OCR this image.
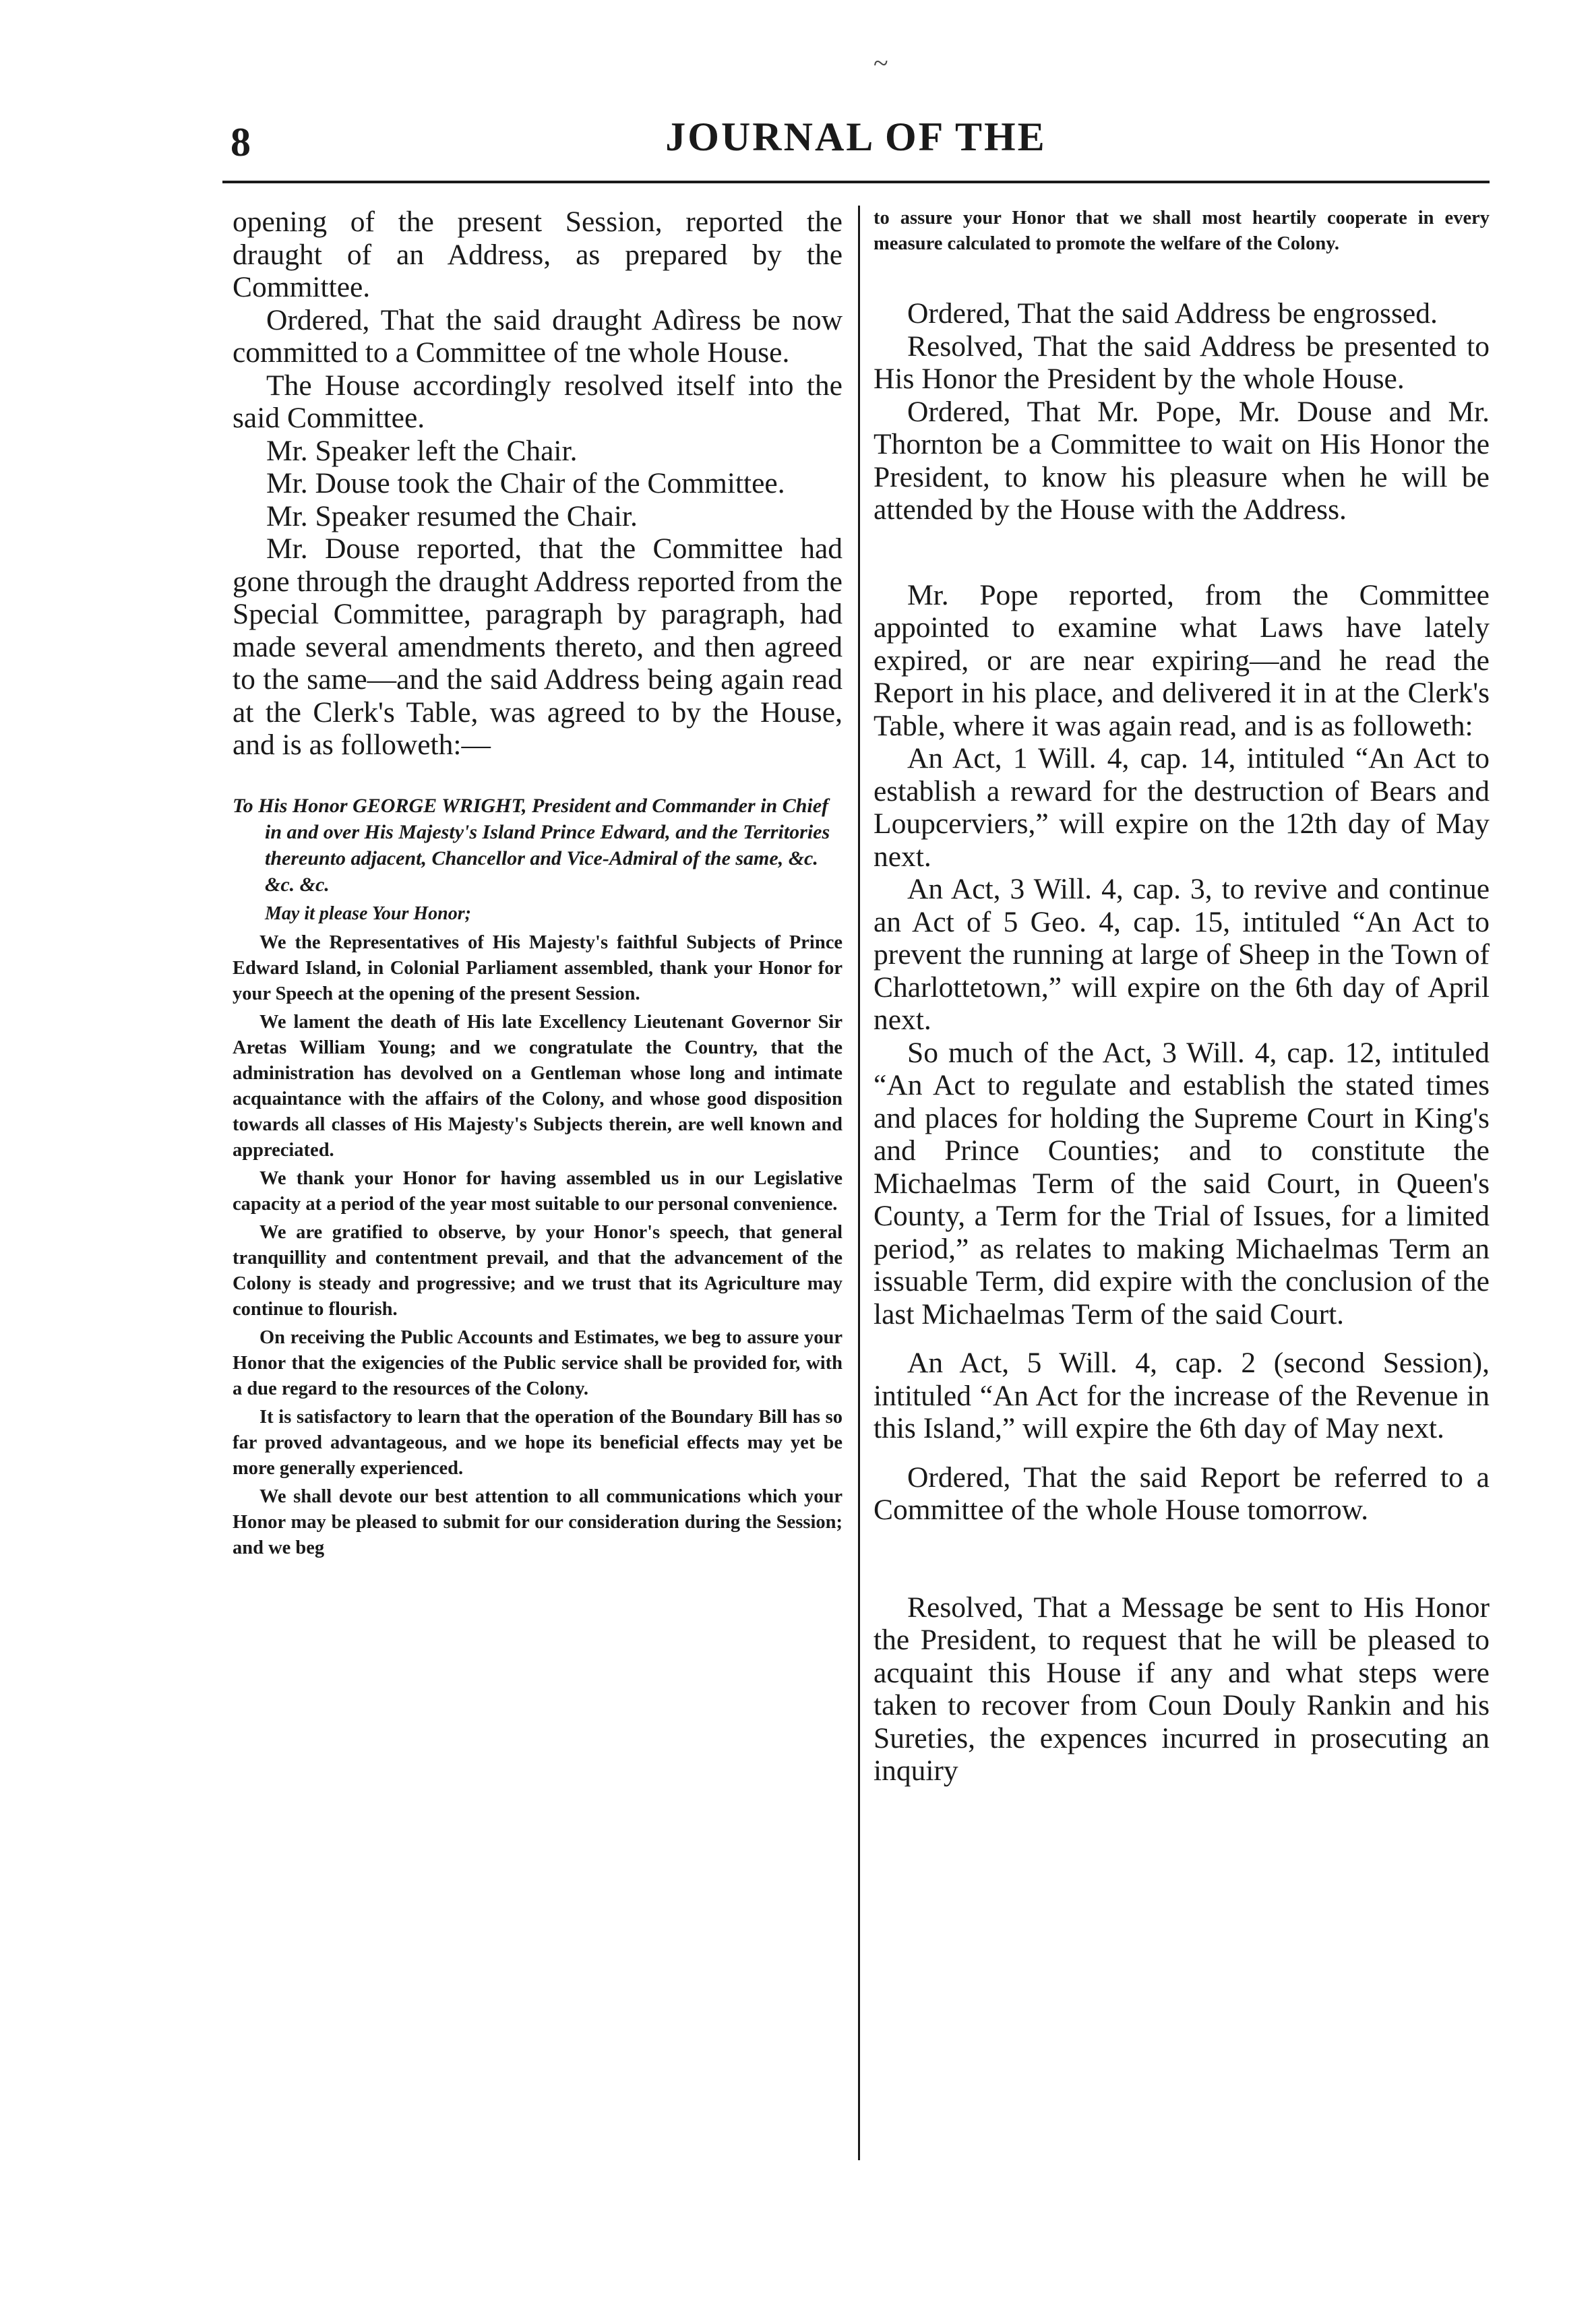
~
8	JOURNAL OF THE

opening of the present Session, reported the draught of an Address, as prepared by the Committee.

Ordered, That the said draught Adìress be now committed to a Committee of tne whole House.

The House accordingly resolved itself into the said Committee.

Mr. Speaker left the Chair.

Mr. Douse took the Chair of the Committee.

Mr. Speaker resumed the Chair.

Mr. Douse reported, that the Committee had gone through the draught Address reported from the Special Committee, paragraph by paragraph, had made several amendments thereto, and then agreed to the same—and the said Address being again read at the Clerk's Table, was agreed to by the House, and is as followeth:—

To His Honor GEORGE WRIGHT, President and Commander in Chief in and over His Majesty's Island Prince Edward, and the Territories thereunto adjacent, Chancellor and Vice-Admiral of the same, &c. &c. &c.

May it please Your Honor;

We the Representatives of His Majesty's faithful Subjects of Prince Edward Island, in Colonial Parliament assembled, thank your Honor for your Speech at the opening of the present Session.

We lament the death of His late Excellency Lieutenant Governor Sir Aretas William Young; and we congratulate the Country, that the administration has devolved on a Gentleman whose long and intimate acquaintance with the affairs of the Colony, and whose good disposition towards all classes of His Majesty's Subjects therein, are well known and appreciated.

We thank your Honor for having assembled us in our Legislative capacity at a period of the year most suitable to our personal convenience.

We are gratified to observe, by your Honor's speech, that general tranquillity and contentment prevail, and that the advancement of the Colony is steady and progressive; and we trust that its Agriculture may continue to flourish.

On receiving the Public Accounts and Estimates, we beg to assure your Honor that the exigencies of the Public service shall be provided for, with a due regard to the resources of the Colony.

It is satisfactory to learn that the operation of the Boundary Bill has so far proved advantageous, and we hope its beneficial effects may yet be more generally experienced.

We shall devote our best attention to all communications which your Honor may be pleased to submit for our consideration during the Session; and we beg

to assure your Honor that we shall most heartily cooperate in every measure calculated to promote the welfare of the Colony.

Ordered, That the said Address be engrossed.

Resolved, That the said Address be presented to His Honor the President by the whole House.

Ordered, That Mr. Pope, Mr. Douse and Mr. Thornton be a Committee to wait on His Honor the President, to know his pleasure when he will be attended by the House with the Address.

Mr. Pope reported, from the Committee appointed to examine what Laws have lately expired, or are near expiring—and he read the Report in his place, and delivered it in at the Clerk's Table, where it was again read, and is as followeth:

An Act, 1 Will. 4, cap. 14, intituled “An Act to establish a reward for the destruction of Bears and Loupcerviers,” will expire on the 12th day of May next.

An Act, 3 Will. 4, cap. 3, to revive and continue an Act of 5 Geo. 4, cap. 15, intituled “An Act to prevent the running at large of Sheep in the Town of Charlottetown,” will expire on the 6th day of April next.

So much of the Act, 3 Will. 4, cap. 12, intituled “An Act to regulate and establish the stated times and places for holding the Supreme Court in King's and Prince Counties; and to constitute the Michaelmas Term of the said Court, in Queen's County, a Term for the Trial of Issues, for a limited period,” as relates to making Michaelmas Term an issuable Term, did expire with the conclusion of the last Michaelmas Term of the said Court.

An Act, 5 Will. 4, cap. 2 (second Session), intituled “An Act for the increase of the Revenue in this Island,” will expire the 6th day of May next.

Ordered, That the said Report be referred to a Committee of the whole House tomorrow.

Resolved, That a Message be sent to His Honor the President, to request that he will be pleased to acquaint this House if any and what steps were taken to recover from Coun Douly Rankin and his Sureties, the expences incurred in prosecuting an inquiry
